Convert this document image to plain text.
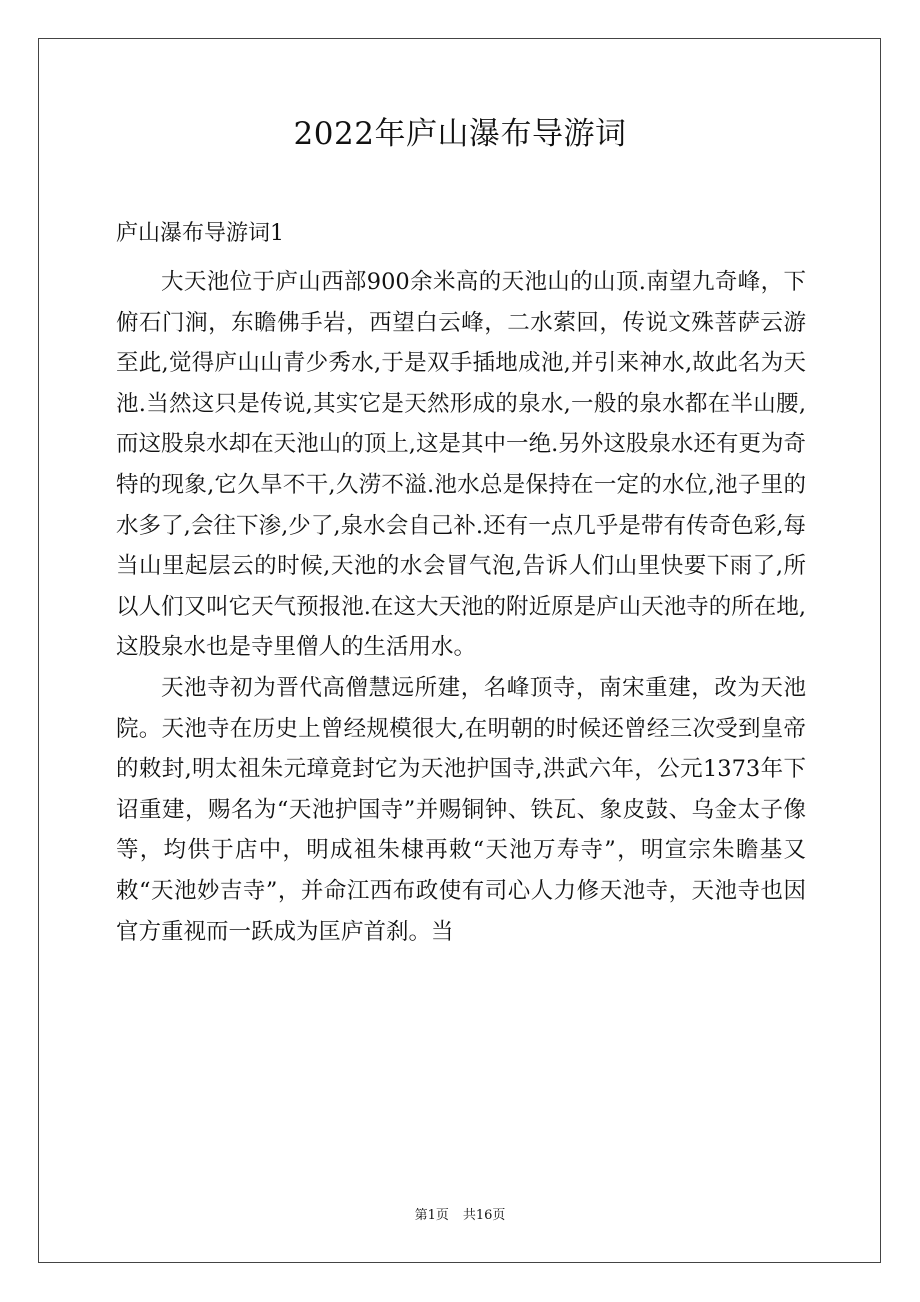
2022年庐山瀑布导游词
庐山瀑布导游词1

大天池位于庐山西部900余米高的天池山的山顶.南望九奇峰，下俯石门涧，东瞻佛手岩，西望白云峰，二水萦回，传说文殊菩萨云游至此,觉得庐山山青少秀水,于是双手插地成池,并引来神水,故此名为天池.当然这只是传说,其实它是天然形成的泉水,一般的泉水都在半山腰,而这股泉水却在天池山的顶上,这是其中一绝.另外这股泉水还有更为奇特的现象,它久旱不干,久涝不溢.池水总是保持在一定的水位,池子里的水多了,会往下渗,少了,泉水会自己补.还有一点几乎是带有传奇色彩,每当山里起层云的时候,天池的水会冒气泡,告诉人们山里快要下雨了,所以人们又叫它天气预报池.在这大天池的附近原是庐山天池寺的所在地,这股泉水也是寺里僧人的生活用水。

天池寺初为晋代高僧慧远所建，名峰顶寺，南宋重建，改为天池院。天池寺在历史上曾经规模很大,在明朝的时候还曾经三次受到皇帝的敕封,明太祖朱元璋竟封它为天池护国寺,洪武六年，公元1373年下诏重建，赐名为“天池护国寺”并赐铜钟、铁瓦、象皮鼓、乌金太子像等，均供于店中，明成祖朱棣再敕“天池万寿寺”，明宣宗朱瞻基又敕“天池妙吉寺”，并命江西布政使有司心人力修天池寺，天池寺也因官方重视而一跃成为匡庐首刹。当

第1页 共16页
